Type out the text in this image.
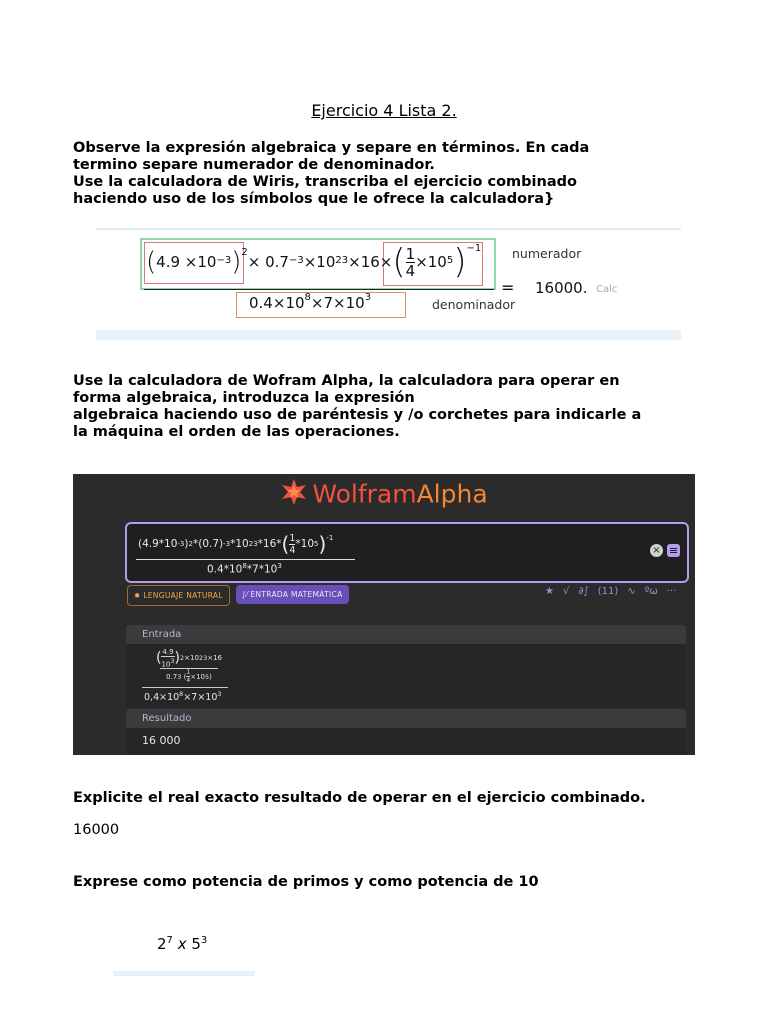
Ejercicio 4 Lista 2.
Observe la expresión algebraica y separe en términos. En cada
termino separe numerador de denominador.
Use la calculadora de Wiris, transcriba el ejercicio combinado
haciendo uso de los símbolos que le ofrece la calculadora}
( 4.9
× $10^{-3}$ )$^2$
×
$0.7^{-3} \times 10^{23} \times 16$ × ( $\frac{1}{4} \times 10^5$ )$^{-1}$
$0.4\times 10^8\times 7\times 10^3$
numerador
denominador
= 16000. Calc
Use la calculadora de Wofram Alpha, la calculadora para operar en
forma algebraica, introduzca la expresión
algebraica haciendo uso de paréntesis y /o corchetes para indicarle a
la máquina el orden de las operaciones.
WolframAlpha
(4.9*10 -3 ) 2 *(0.7) -3 *10 23 *16* ( $\frac{1}{4} *10$ 5 )$^{-1}$
$0.4*10^8*7*10^3$
×
✹ LENGUAJE NATURAL	∫⁄ ENTRADA MATEMÁTICA	★ √ ∂∫ (11) ∿ ºω ···
Entrada
( $\frac{4.9}{10^3}$ ) 2 × 10 23 × 16
0.7 3 ( $\frac{1}{4} \times 10$ 5 )
$0,4\times 10^8\times 7\times 10^3$
Resultado
16 000
Explicite el real exacto resultado de operar en el ejercicio combinado.
16000
Exprese como potencia de primos y como potencia de 10
$2^7$ x $5^3$
